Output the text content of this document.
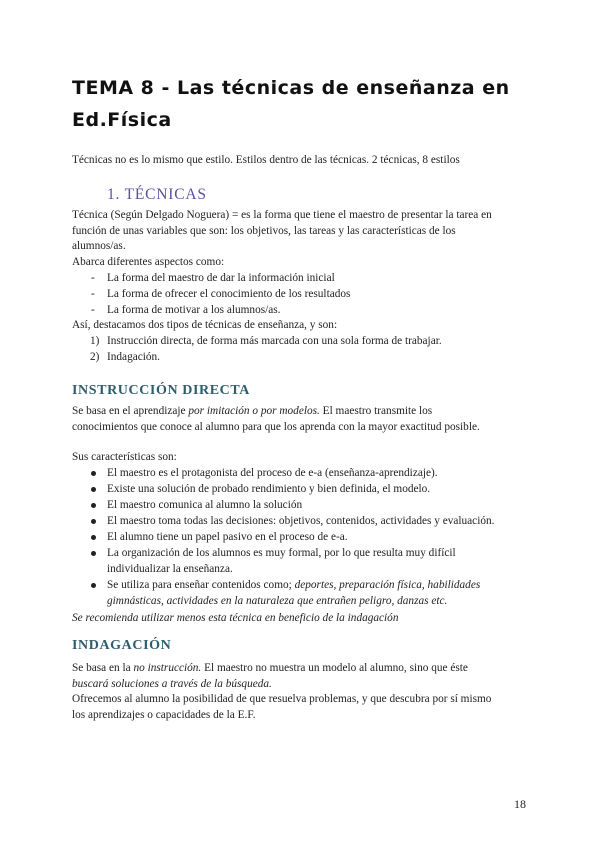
TEMA 8 - Las técnicas de enseñanza en
Ed.Física
Técnicas no es lo mismo que estilo. Estilos dentro de las técnicas. 2 técnicas, 8 estilos
1. TÉCNICAS
Técnica (Según Delgado Noguera) = es la forma que tiene el maestro de presentar la tarea en
función de unas variables que son: los objetivos, las tareas y las características de los
alumnos/as.
Abarca diferentes aspectos como:
- La forma del maestro de dar la información inicial
- La forma de ofrecer el conocimiento de los resultados
- La forma de motivar a los alumnos/as.
Así, destacamos dos tipos de técnicas de enseñanza, y son:
1) Instrucción directa, de forma más marcada con una sola forma de trabajar.
2) Indagación.
INSTRUCCIÓN DIRECTA
Se basa en el aprendizaje por imitación o por modelos. El maestro transmite los
conocimientos que conoce al alumno para que los aprenda con la mayor exactitud posible.
Sus características son:
El maestro es el protagonista del proceso de e-a (enseñanza-aprendizaje).
Existe una solución de probado rendimiento y bien definida, el modelo.
El maestro comunica al alumno la solución
El maestro toma todas las decisiones: objetivos, contenidos, actividades y evaluación.
El alumno tiene un papel pasivo en el proceso de e-a.
La organización de los alumnos es muy formal, por lo que resulta muy difícil
individualizar la enseñanza.
Se utiliza para enseñar contenidos como; deportes, preparación física, habilidades
gimnásticas, actividades en la naturaleza que entrañen peligro, danzas etc.
Se recomienda utilizar menos esta técnica en beneficio de la indagación
INDAGACIÓN
Se basa en la no instrucción. El maestro no muestra un modelo al alumno, sino que éste
buscará soluciones a través de la búsqueda.
Ofrecemos al alumno la posibilidad de que resuelva problemas, y que descubra por sí mismo
los aprendizajes o capacidades de la E.F.
18
